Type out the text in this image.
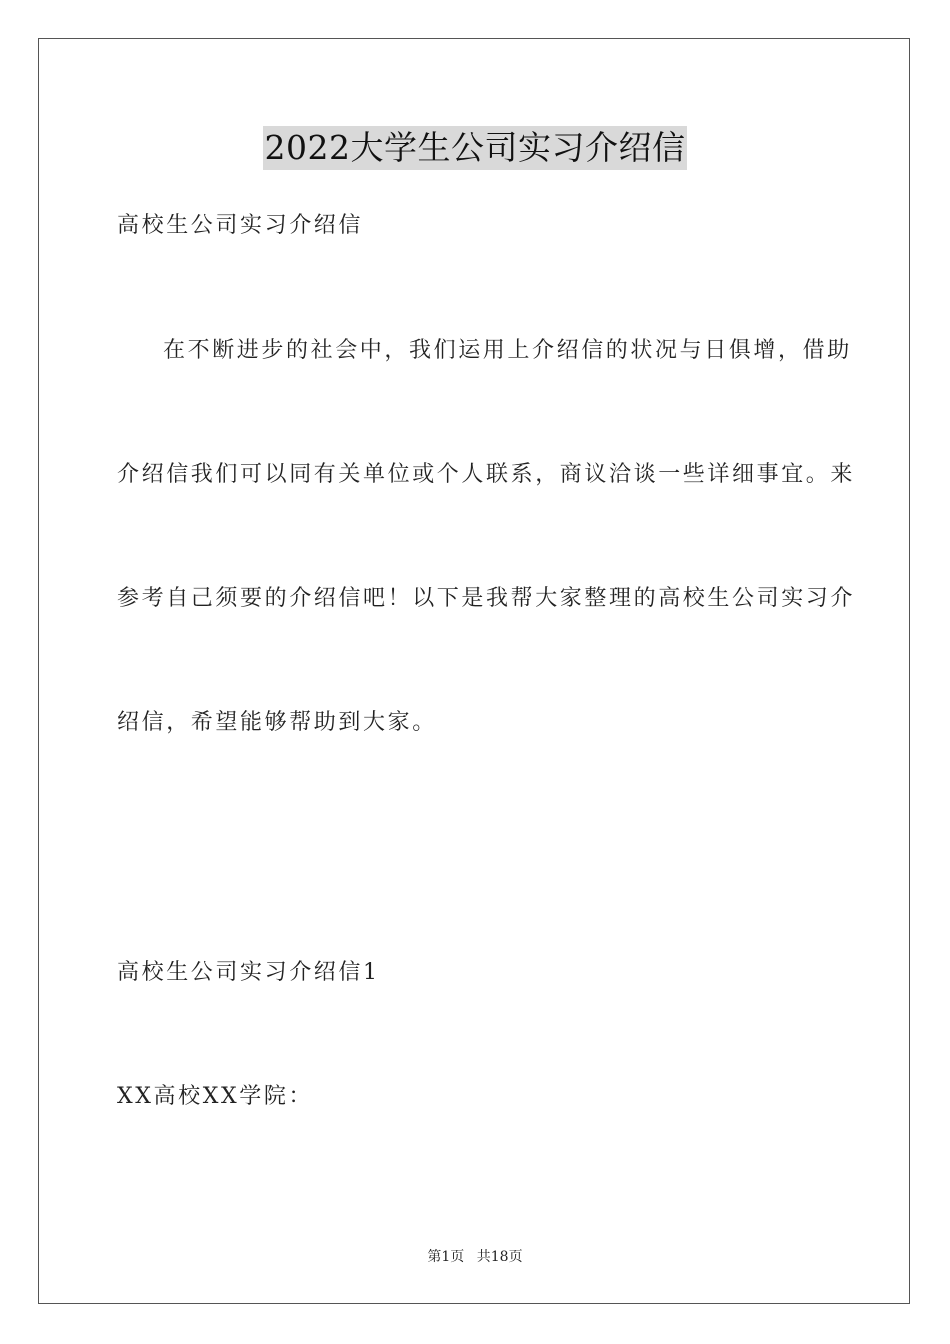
2022大学生公司实习介绍信
高校生公司实习介绍信
在不断进步的社会中，我们运用上介绍信的状况与日俱增，借助
介绍信我们可以同有关单位或个人联系，商议洽谈一些详细事宜。来
参考自己须要的介绍信吧！以下是我帮大家整理的高校生公司实习介
绍信，希望能够帮助到大家。
高校生公司实习介绍信1
XX高校XX学院：
第1页 共18页
